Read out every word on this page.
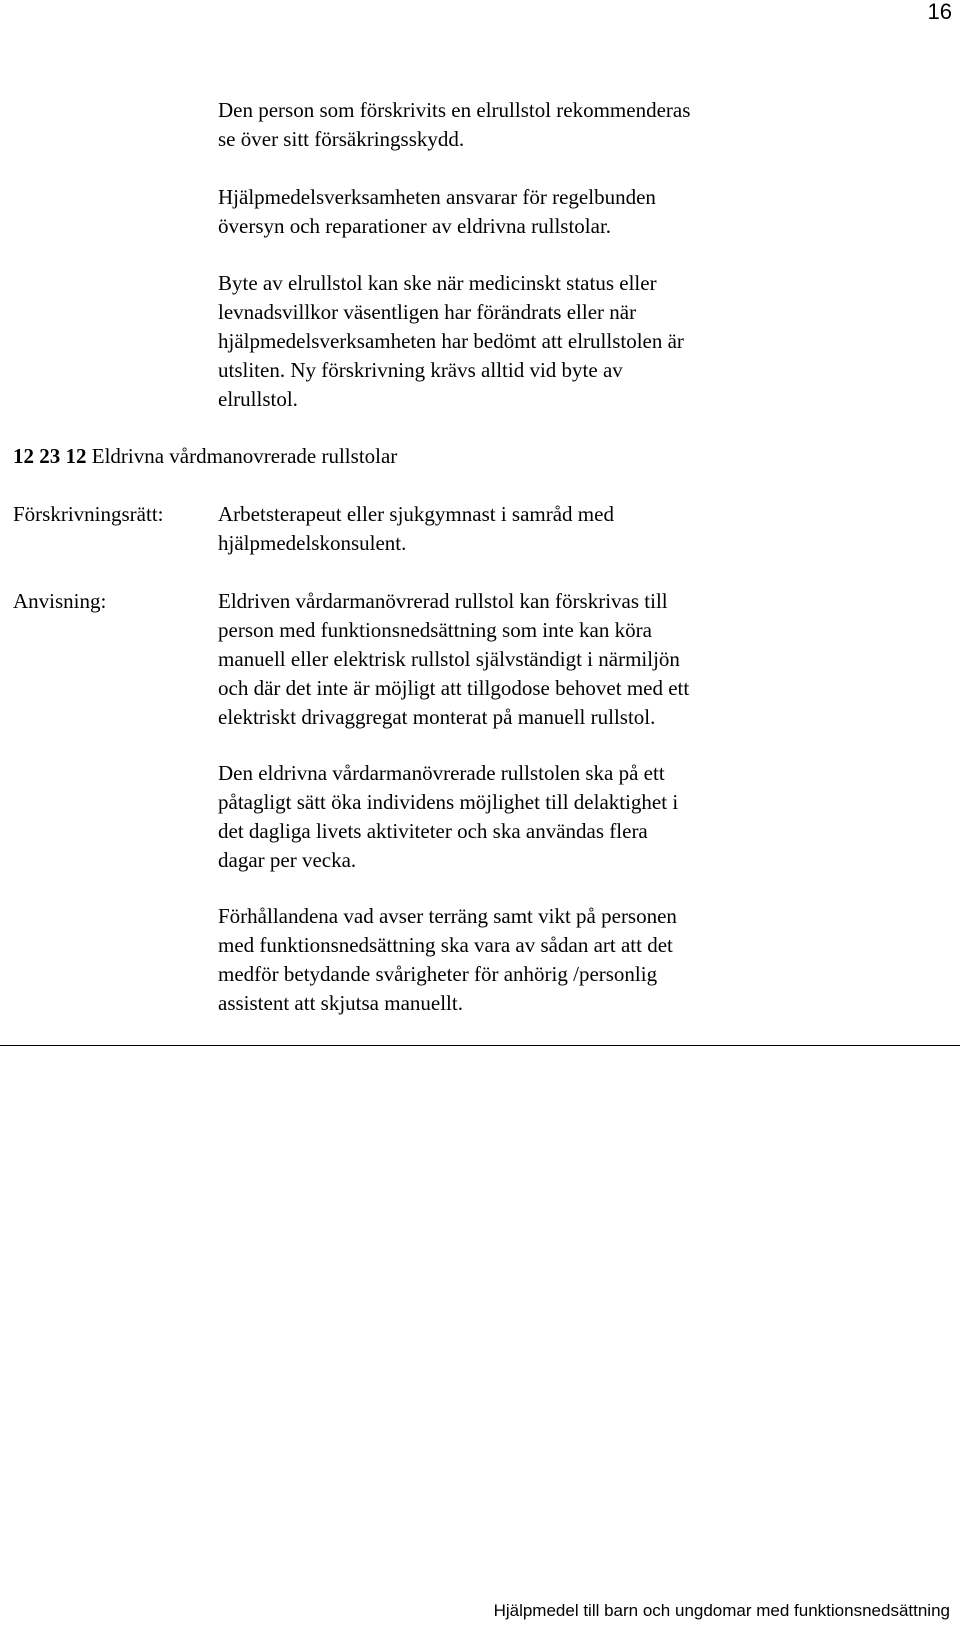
16

Den person som förskrivits en elrullstol rekommenderas
se över sitt försäkringsskydd.

Hjälpmedelsverksamheten ansvarar för regelbunden
översyn och reparationer av eldrivna rullstolar.

Byte av elrullstol kan ske när medicinskt status eller
levnadsvillkor väsentligen har förändrats eller när
hjälpmedelsverksamheten har bedömt att elrullstolen är
utsliten. Ny förskrivning krävs alltid vid byte av
elrullstol.

12 23 12 Eldrivna vårdmanovrerade rullstolar

Förskrivningsrätt:	Arbetsterapeut eller sjukgymnast i samråd med
hjälpmedelskonsulent.

Anvisning:	Eldriven vårdarmanövrerad rullstol kan förskrivas till
person med funktionsnedsättning som inte kan köra
manuell eller elektrisk rullstol självständigt i närmiljön
och där det inte är möjligt att tillgodose behovet med ett
elektriskt drivaggregat monterat på manuell rullstol.

Den eldrivna vårdarmanövrerade rullstolen ska på ett
påtagligt sätt öka individens möjlighet till delaktighet i
det dagliga livets aktiviteter och ska användas flera
dagar per vecka.

Förhållandena vad avser terräng samt vikt på personen
med funktionsnedsättning ska vara av sådan art att det
medför betydande svårigheter för anhörig /personlig
assistent att skjutsa manuellt.

Hjälpmedel till barn och ungdomar med funktionsnedsättning
